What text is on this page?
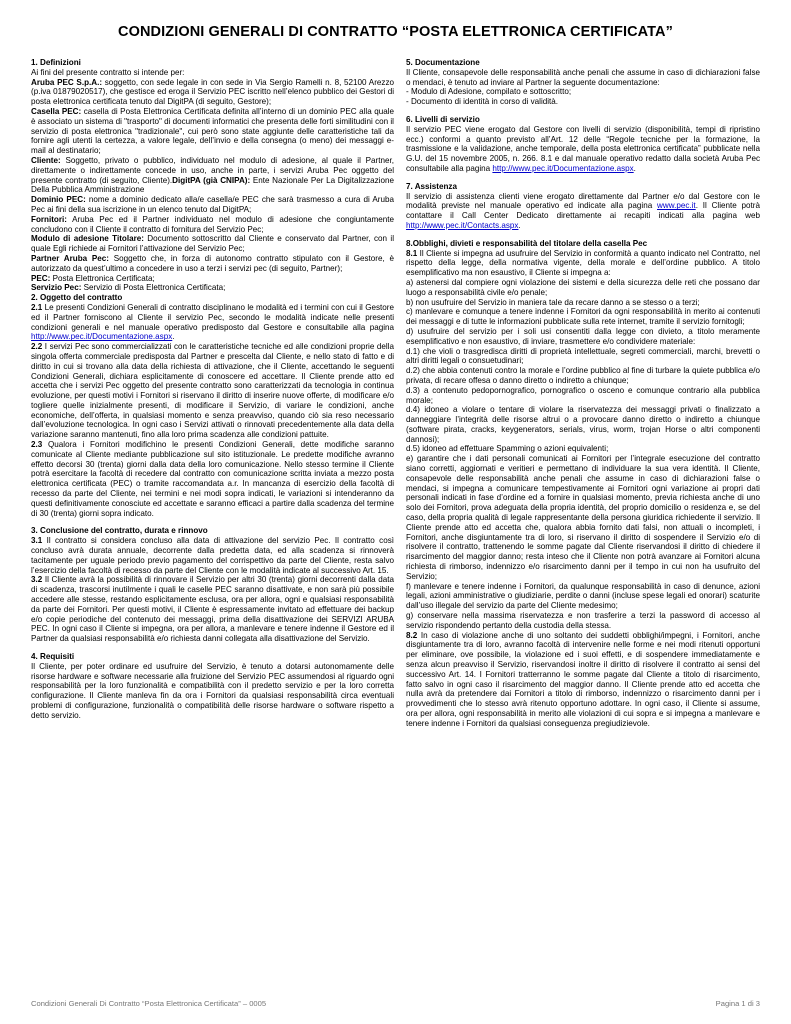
CONDIZIONI GENERALI DI CONTRATTO “POSTA ELETTRONICA CERTIFICATA”
1. Definizioni
Ai fini del presente contratto si intende per:
Aruba PEC S.p.A.: soggetto, con sede legale in con sede in Via Sergio Ramelli n. 8, 52100 Arezzo (p.iva 01879020517), che gestisce ed eroga il Servizio PEC iscritto nell’elenco pubblico dei Gestori di posta elettronica certificata tenuto dal DigitPA (di seguito, Gestore);
Casella PEC: casella di Posta Elettronica Certificata definita all’interno di un dominio PEC alla quale è associato un sistema di "trasporto" di documenti informatici che presenta delle forti similitudini con il servizio di posta elettronica "tradizionale", cui però sono state aggiunte delle caratteristiche tali da fornire agli utenti la certezza, a valore legale, dell’invio e della consegna (o meno) dei messaggi e-mail al destinatario;
Cliente: Soggetto, privato o pubblico, individuato nel modulo di adesione, al quale il Partner, direttamente o indirettamente concede in uso, anche in parte, i servizi Aruba Pec oggetto del presente contratto (di seguito, Cliente).DigitPA (già CNIPA): Ente Nazionale Per La Digitalizzazione Della Pubblica Amministrazione
Dominio PEC: nome a dominio dedicato alla/e casella/e PEC che sarà trasmesso a cura di Aruba Pec ai fini della sua iscrizione in un elenco tenuto dal DigitPA;
Fornitori: Aruba Pec ed il Partner individuato nel modulo di adesione che congiuntamente concludono con il Cliente il contratto di fornitura del Servizio Pec;
Modulo di adesione Titolare: Documento sottoscritto dal Cliente e conservato dal Partner, con il quale Egli richiede ai Fornitori l’attivazione del Servizio Pec;
Partner Aruba Pec: Soggetto che, in forza di autonomo contratto stipulato con il Gestore, è autorizzato da quest’ultimo a concedere in uso a terzi i servizi pec (di seguito, Partner);
PEC: Posta Elettronica Certificata;
Servizio Pec: Servizio di Posta Elettronica Certificata;
2. Oggetto del contratto
2.1 Le presenti Condizioni Generali di contratto disciplinano le modalità ed i termini con cui il Gestore ed il Partner forniscono al Cliente il servizio Pec, secondo le modalità indicate nelle presenti condizioni generali e nel manuale operativo predisposto dal Gestore e consultabile alla pagina http://www.pec.it/Documentazione.aspx.
2.2 I servizi Pec sono commercializzati con le caratteristiche tecniche ed alle condizioni proprie della singola offerta commerciale predisposta dal Partner e prescelta dal Cliente, e nello stato di fatto e di diritto in cui si trovano alla data della richiesta di attivazione, che il Cliente, accettando le seguenti Condizioni Generali, dichiara esplicitamente di conoscere ed accettare. Il Cliente prende atto ed accetta che i servizi Pec oggetto del presente contratto sono caratterizzati da tecnologia in continua evoluzione, per questi motivi i Fornitori si riservano il diritto di inserire nuove offerte, di modificare e/o togliere quelle inizialmente presenti, di modificare il Servizio, di variare le condizioni, anche economiche, dell’offerta, in qualsiasi momento e senza preavviso, quando ciò sia reso necessario dall’evoluzione tecnologica. In ogni caso i Servizi attivati o rinnovati precedentemente alla data della variazione saranno mantenuti, fino alla loro prima scadenza alle condizioni pattuite.
2.3 Qualora i Fornitori modifichino le presenti Condizioni Generali, dette modifiche saranno comunicate al Cliente mediante pubblicazione sul sito istituzionale. Le predette modifiche avranno effetto decorsi 30 (trenta) giorni dalla data della loro comunicazione. Nello stesso termine il Cliente potrà esercitare la facoltà di recedere dal contratto con comunicazione scritta inviata a mezzo posta elettronica certificata (PEC) o tramite raccomandata a.r. In mancanza di esercizio della facoltà di recesso da parte del Cliente, nei termini e nei modi sopra indicati, le variazioni si intenderanno da questi definitivamente conosciute ed accettate e saranno efficaci a partire dalla scadenza del termine di 30 (trenta) giorni sopra indicato.
3. Conclusione del contratto, durata e rinnovo
3.1 Il contratto si considera concluso alla data di attivazione del servizio Pec. Il contratto così concluso avrà durata annuale, decorrente dalla predetta data, ed alla scadenza si rinnoverà tacitamente per uguale periodo previo pagamento del corrispettivo da parte del Cliente, resta salvo l’esercizio della facoltà di recesso da parte del Cliente con le modalità indicate al successivo Art. 15.
3.2 Il Cliente avrà la possibilità di rinnovare il Servizio per altri 30 (trenta) giorni decorrenti dalla data di scadenza, trascorsi inutilmente i quali le caselle PEC saranno disattivate, e non sarà più possibile accedere alle stesse, restando esplicitamente esclusa, ora per allora, ogni e qualsiasi responsabilità da parte dei Fornitori. Per questi motivi, il Cliente è espressamente invitato ad effettuare dei backup e/o copie periodiche del contenuto dei messaggi, prima della disattivazione dei SERVIZI ARUBA PEC. In ogni caso il Cliente si impegna, ora per allora, a manlevare e tenere indenne il Gestore ed il Partner da qualsiasi responsabilità e/o richiesta danni collegata alla disattivazione del Servizio.
4. Requisiti
Il Cliente, per poter ordinare ed usufruire del Servizio, è tenuto a dotarsi autonomamente delle risorse hardware e software necessarie alla fruizione del Servizio PEC assumendosi al riguardo ogni responsabilità per la loro funzionalità e compatibilità con il predetto servizio e per la loro corretta configurazione. Il Cliente manleva fin da ora i Fornitori da qualsiasi responsabilità circa eventuali problemi di configurazione, funzionalità o compatibilità delle risorse hardware o software rispetto a detto servizio.
5. Documentazione
Il Cliente, consapevole delle responsabilità anche penali che assume in caso di dichiarazioni false o mendaci, è tenuto ad inviare al Partner la seguente documentazione:
- Modulo di Adesione, compilato e sottoscritto;
- Documento di identità in corso di validità.
6. Livelli di servizio
Il servizio PEC viene erogato dal Gestore con livelli di servizio (disponibilità, tempi di ripristino ecc.) conformi a quanto previsto all’Art. 12 delle “Regole tecniche per la formazione, la trasmissione e la validazione, anche temporale, della posta elettronica certificata” pubblicate nella G.U. del 15 novembre 2005, n. 266. 8.1 e dal manuale operativo redatto dalla società Aruba Pec consultabile alla pagina http://www.pec.it/Documentazione.aspx.
7. Assistenza
Il servizio di assistenza clienti viene erogato direttamente dal Partner e/o dal Gestore con le modalità previste nel manuale operativo ed indicate alla pagina www.pec.it. Il Cliente potrà contattare il Call Center Dedicato direttamente ai recapiti indicati alla pagina web http://www.pec.it/Contacts.aspx.
8.Obblighi, divieti e responsabilità del titolare della casella Pec
8.1 Il Cliente si impegna ad usufruire del Servizio in conformità a quanto indicato nel Contratto, nel rispetto della legge, della normativa vigente, della morale e dell’ordine pubblico. A titolo esemplificativo ma non esaustivo, il Cliente si impegna a:
a) astenersi dal compiere ogni violazione dei sistemi e della sicurezza delle reti che possano dar luogo a responsabilità civile e/o penale;
b) non usufruire del Servizio in maniera tale da recare danno a se stesso o a terzi;
c) manlevare e comunque a tenere indenne i Fornitori da ogni responsabilità in merito ai contenuti dei messaggi e di tutte le informazioni pubblicate sulla rete internet, tramite il servizio fornitogli;
d) usufruire del servizio per i soli usi consentiti dalla legge con divieto, a titolo meramente esemplificativo e non esaustivo, di inviare, trasmettere e/o condividere materiale:
d.1) che violi o trasgredisca diritti di proprietà intellettuale, segreti commerciali, marchi, brevetti o altri diritti legali o consuetudinari;
d.2) che abbia contenuti contro la morale e l’ordine pubblico al fine di turbare la quiete pubblica e/o privata, di recare offesa o danno diretto o indiretto a chiunque;
d.3) a contenuto pedopornografico, pornografico o osceno e comunque contrario alla pubblica morale;
d.4) idoneo a violare o tentare di violare la riservatezza dei messaggi privati o finalizzato a danneggiare l’integrità delle risorse altrui o a provocare danno diretto o indiretto a chiunque (software pirata, cracks, keygenerators, serials, virus, worm, trojan Horse o altri componenti dannosi);
d.5) idoneo ad effettuare Spamming o azioni equivalenti;
e) garantire che i dati personali comunicati ai Fornitori per l’integrale esecuzione del contratto siano corretti, aggiornati e veritieri e permettano di individuare la sua vera identità. Il Cliente, consapevole delle responsabilità anche penali che assume in caso di dichiarazioni false o mendaci, si impegna a comunicare tempestivamente ai Fornitori ogni variazione ai propri dati personali indicati in fase d’ordine ed a fornire in qualsiasi momento, previa richiesta anche di uno solo dei Fornitori, prova adeguata della propria identità, del proprio domicilio o residenza e, se del caso, della propria qualità di legale rappresentante della persona giuridica richiedente il servizio. Il Cliente prende atto ed accetta che, qualora abbia fornito dati falsi, non attuali o incompleti, i Fornitori, anche disgiuntamente tra di loro, si riservano il diritto di sospendere il Servizio e/o di risolvere il contratto, trattenendo le somme pagate dal Cliente riservandosi il diritto di chiedere il risarcimento del maggior danno; resta inteso che il Cliente non potrà avanzare ai Fornitori alcuna richiesta di rimborso, indennizzo e/o risarcimento danni per il tempo in cui non ha usufruito del Servizio;
f) manlevare e tenere indenne i Fornitori, da qualunque responsabilità in caso di denunce, azioni legali, azioni amministrative o giudiziarie, perdite o danni (incluse spese legali ed onorari) scaturite dall’uso illegale del servizio da parte del Cliente medesimo;
g) conservare nella massima riservatezza e non trasferire a terzi la password di accesso al servizio rispondendo pertanto della custodia della stessa.
8.2 In caso di violazione anche di uno soltanto dei suddetti obblighi/impegni, i Fornitori, anche disgiuntamente tra di loro, avranno facoltà di intervenire nelle forme e nei modi ritenuti opportuni per eliminare, ove possibile, la violazione ed i suoi effetti, e di sospendere immediatamente e senza alcun preavviso il Servizio, riservandosi inoltre il diritto di risolvere il contratto ai sensi del successivo Art. 14. I Fornitori tratterranno le somme pagate dal Cliente a titolo di risarcimento, fatto salvo in ogni caso il risarcimento del maggior danno. Il Cliente prende atto ed accetta che nulla avrà da pretendere dai Fornitori a titolo di rimborso, indennizzo o risarcimento danni per i provvedimenti che lo stesso avrà ritenuto opportuno adottare. In ogni caso, il Cliente si assume, ora per allora, ogni responsabilità in merito alle violazioni di cui sopra e si impegna a manlevare e tenere indenne i Fornitori da qualsiasi conseguenza pregiudizievole.
Condizioni Generali Di Contratto “Posta Elettronica Certificata” – 0005	Pagina 1 di 3
